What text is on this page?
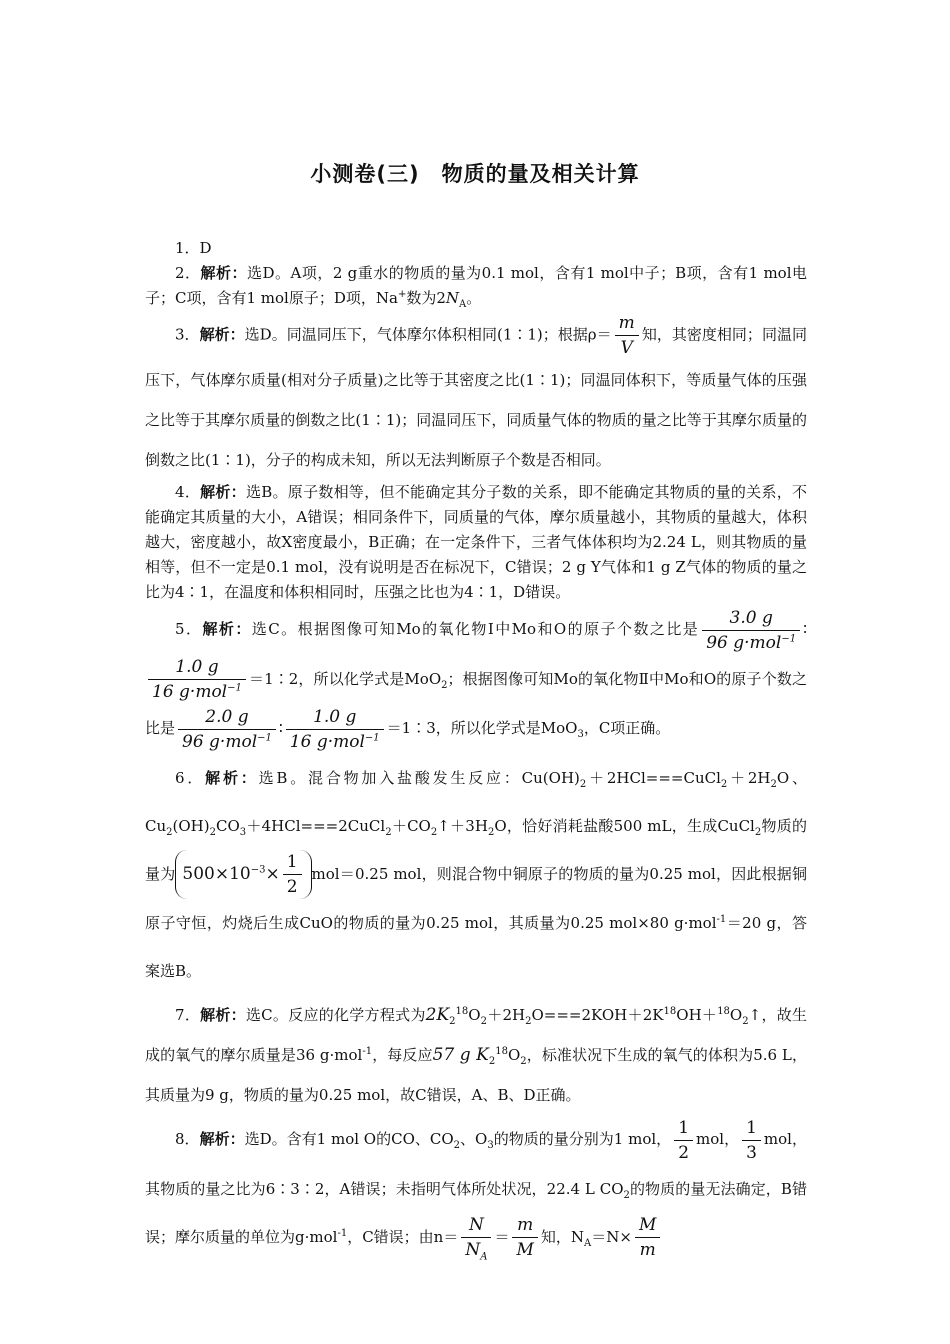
小测卷(三)　物质的量及相关计算

1．D

2．解析：选D。A项，2 g重水的物质的量为0.1 mol，含有1 mol中子；B项，含有1 mol电子；C项，含有1 mol原子；D项，Na+数为$2N_A$。

3．解析：选D。同温同压下，气体摩尔体积相同(1∶1)；根据$\rho= \frac{m}{V}$ 知，其密度相同；同温同压下，气体摩尔质量(相对分子质量)之比等于其密度之比(1∶1)；同温同体积下，等质量气体的压强之比等于其摩尔质量的倒数之比(1∶1)；同温同压下，同质量气体的物质的量之比等于其摩尔质量的倒数之比(1∶1)，分子的构成未知，所以无法判断原子个数是否相同。

4．解析：选B。原子数相等，但不能确定其分子数的关系，即不能确定其物质的量的关系，不能确定其质量的大小，A错误；相同条件下，同质量的气体，摩尔质量越小，其物质的量越大，体积越大，密度越小，故X密度最小，B正确；在一定条件下，三者气体体积均为2.24 L，则其物质的量相等，但不一定是0.1 mol，没有说明是否在标况下，C错误；2 g Y气体和1 g Z气体的物质的量之比为4∶1，在温度和体积相同时，压强之比也为4∶1，D错误。

5．解析：选C。根据图像可知Mo的氧化物Ⅰ中Mo和O的原子个数之比是 $\frac{3.0 g}{96 g\cdot mol^{-1}}$ ∶
$\frac{1.0 g}{16 g\cdot mol^{-1}}$ ＝1∶2，所以化学式是MoO$_2$；根据图像可知Mo的氧化物Ⅱ中Mo和O的原子个数之比是 $\frac{2.0 g}{96 g\cdot mol^{-1}}$ ∶ $\frac{1.0 g}{16 g\cdot mol^{-1}}$ ＝1∶3，所以化学式是MoO$_3$，C项正确。

6．解析：选B。混合物加入盐酸发生反应：$Cu(OH)_2+2HCl===CuCl_2+2H_2O$、$Cu_2(OH)_2CO_3+4HCl===2CuCl_2+CO_2↑+3H_2O$，恰好消耗盐酸500 mL，生成CuCl$_2$物质的量为 $500\times 10^{-3}\times \frac{1}{2} mol=0.25$ mol，则混合物中铜原子的物质的量为0.25 mol，因此根据铜原子守恒，灼烧后生成CuO的物质的量为0.25 mol，其质量为0.25 mol×80 g·mol$^{-1}$＝20 g，答案选B。

7．解析：选C。反应的化学方程式为$2K_2^{18}O_2+2H_2O===2KOH+2K^{18}OH+^{18}O_2↑$，故生成的氧气的摩尔质量是36 g·mol$^{-1}$，每反应57 g $K_2^{18}O_2$，标准状况下生成的氧气的体积为5.6 L，其质量为9 g，物质的量为0.25 mol，故C错误，A、B、D正确。

8．解析：选D。含有1 mol O的CO、$CO_2$、$O_3$的物质的量分别为1 mol， $\frac{1}{2}$ mol， $\frac{1}{3}$ mol，其物质的量之比为6∶3∶2，A错误；未指明气体所处状况，22.4 L $CO_2$的物质的量无法确定，B错误；摩尔质量的单位为g·mol$^{-1}$，C错误；由$n= \frac{N}{N_A} = \frac{m}{M}$ 知，$N_A=N\times \frac{M}{m}$
